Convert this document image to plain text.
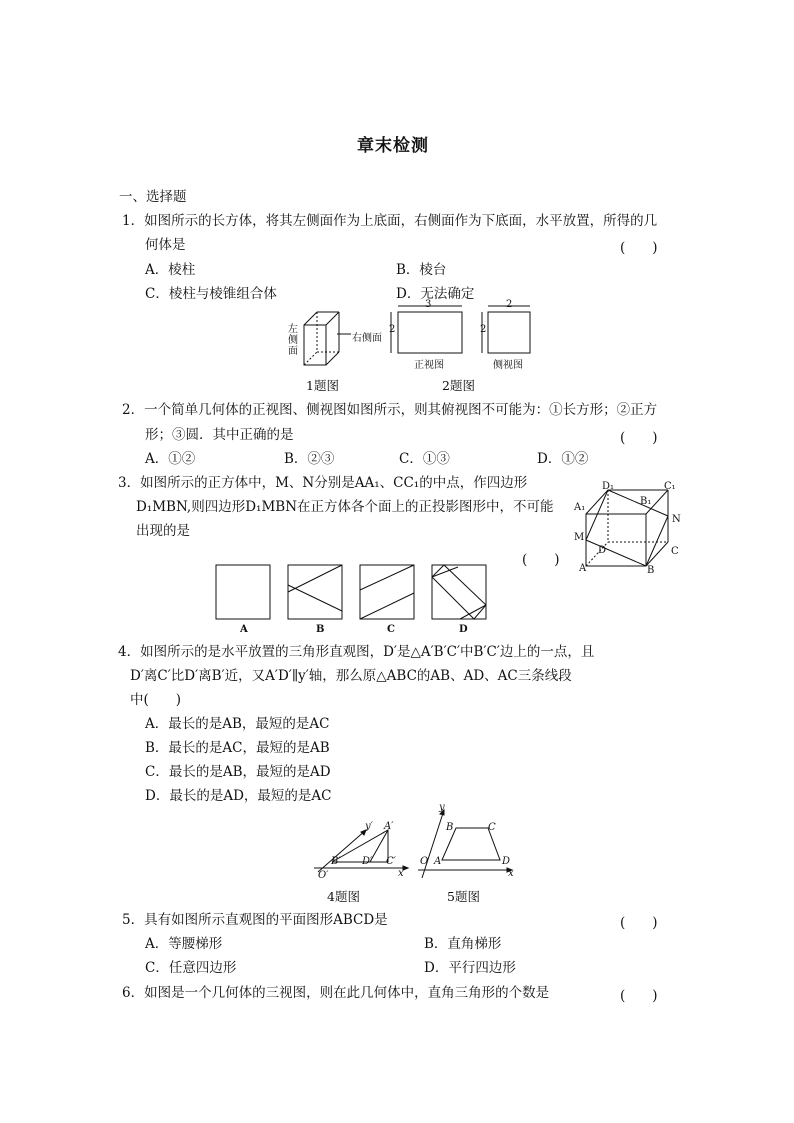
章末检测
一、选择题
1．如图所示的长方体，将其左侧面作为上底面，右侧面作为下底面，水平放置，所得的几
何体是	(　　)
A．棱柱	B．棱台
C．棱柱与棱锥组合体	D．无法确定
左侧面
右侧面
1题图
3
2
2
2
正视图	侧视图
2题图
2．一个简单几何体的正视图、侧视图如图所示，则其俯视图不可能为：①长方形；②正方
形；③圆．其中正确的是	(　　)
A．①②	B．②③	C．①③	D．①②
3．如图所示的正方体中，M、N分别是AA₁、CC₁的中点，作四边形
D₁MBN,则四边形D₁MBN在正方体各个面上的正投影图形中，不可能
出现的是
(　　)
D₁
B₁
C₁
A₁
M
N
D	C
A	B
A	B	C	D
4．如图所示的是水平放置的三角形直观图，D′是△A′B′C′中B′C′边上的一点，且
D′离C′比D′离B′近，又A′D′∥y′轴，那么原△ABC的AB、AD、AC三条线段
中(　　)
A．最长的是AB，最短的是AC
B．最长的是AC，最短的是AB
C．最长的是AB，最短的是AD
D．最长的是AD，最短的是AC
y′ A′
B′ D′ C′
O′	x′
4题图
y
B	C
O A	D
x
5题图
5．具有如图所示直观图的平面图形ABCD是	(　　)
A．等腰梯形	B．直角梯形
C．任意四边形	D．平行四边形
6．如图是一个几何体的三视图，则在此几何体中，直角三角形的个数是	(　　)
